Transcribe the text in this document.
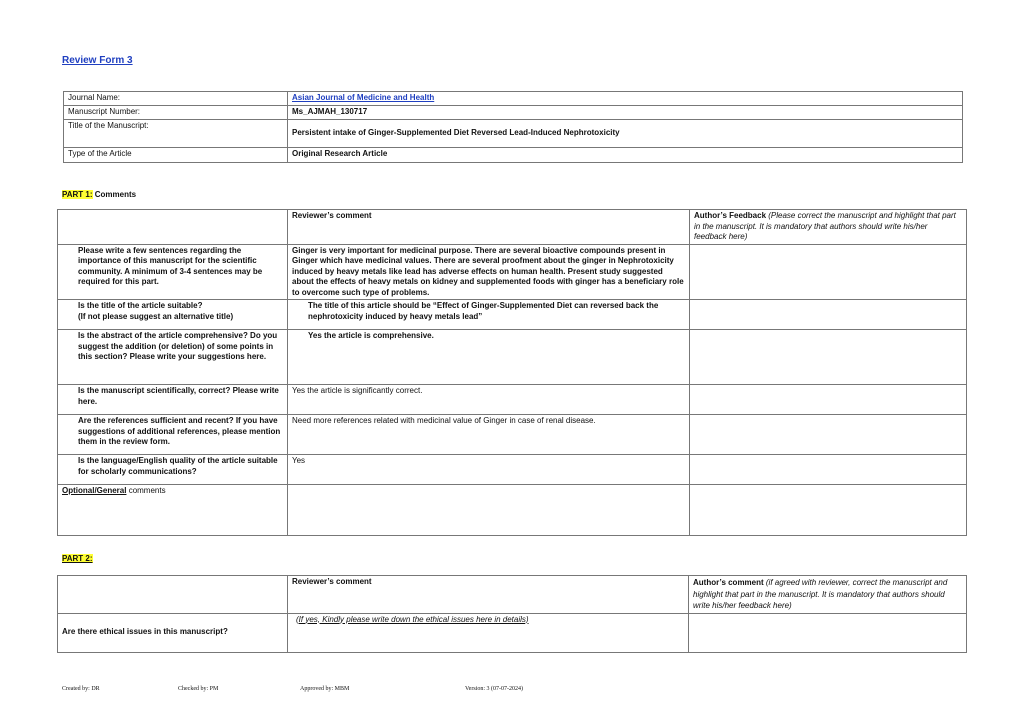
Review Form 3
Journal Name:	Asian Journal of Medicine and Health
Manuscript Number:	Ms_AJMAH_130717
Title of the Manuscript:	Persistent intake of Ginger-Supplemented Diet Reversed Lead-Induced Nephrotoxicity
Type of the Article	Original Research Article
PART 1: Comments
	Reviewer’s comment	Author’s Feedback (Please correct the manuscript and highlight that part in the manuscript. It is mandatory that authors should write his/her feedback here)
Please write a few sentences regarding the importance of this manuscript for the scientific community. A minimum of 3-4 sentences may be required for this part.	Ginger is very important for medicinal purpose. There are several bioactive compounds present in Ginger which have medicinal values. There are several proofment about the ginger in Nephrotoxicity induced by heavy metals like lead has adverse effects on human health. Present study suggested about the effects of heavy metals on kidney and supplemented foods with ginger has a beneficiary role to overcome such type of problems.	
Is the title of the article suitable?
(If not please suggest an alternative title)	The title of this article should be “Effect of Ginger-Supplemented Diet can reversed back the nephrotoxicity induced by heavy metals lead”	
Is the abstract of the article comprehensive? Do you suggest the addition (or deletion) of some points in this section? Please write your suggestions here.	Yes the article is comprehensive.	
Is the manuscript scientifically, correct? Please write here.	Yes the article is significantly correct.	
Are the references sufficient and recent? If you have suggestions of additional references, please mention them in the review form.	Need more references related with medicinal value of Ginger in case of renal disease.	
Is the language/English quality of the article suitable for scholarly communications?	Yes	
Optional/General comments		
PART 2:
	Reviewer’s comment	Author’s comment (if agreed with reviewer, correct the manuscript and highlight that part in the manuscript. It is mandatory that authors should write his/her feedback here)
Are there ethical issues in this manuscript?	(If yes, Kindly please write down the ethical issues here in details)	
Created by: DR	Checked by: PM	Approved by: MBM	Version: 3 (07-07-2024)
